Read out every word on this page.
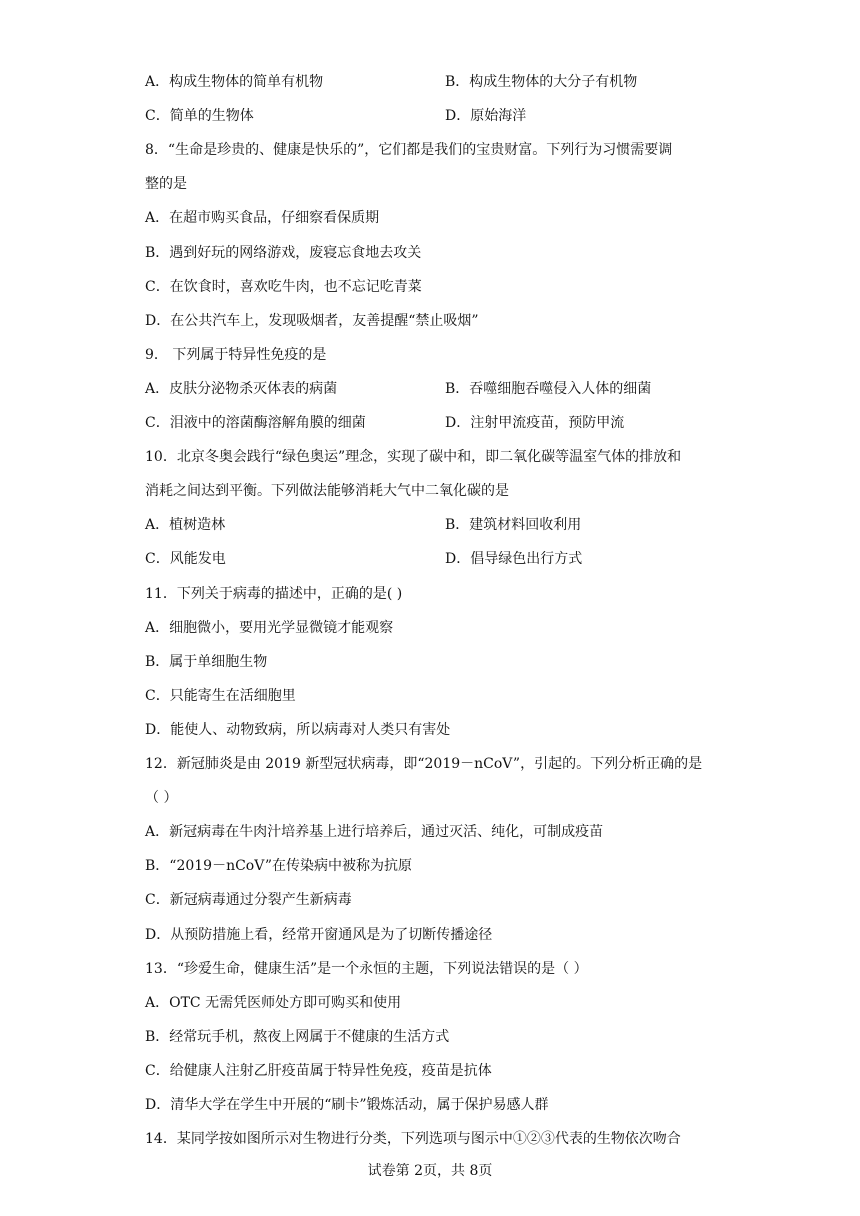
A．构成生物体的简单有机物	B．构成生物体的大分子有机物
C．简单的生物体	D．原始海洋
8．“生命是珍贵的、健康是快乐的”，它们都是我们的宝贵财富。下列行为习惯需要调
整的是
A．在超市购买食品，仔细察看保质期
B．遇到好玩的网络游戏，废寝忘食地去攻关
C．在饮食时，喜欢吃牛肉，也不忘记吃青菜
D．在公共汽车上，发现吸烟者，友善提醒“禁止吸烟”
9． 下列属于特异性免疫的是
A．皮肤分泌物杀灭体表的病菌	B．吞噬细胞吞噬侵入人体的细菌
C．泪液中的溶菌酶溶解角膜的细菌	D．注射甲流疫苗，预防甲流
10．北京冬奥会践行“绿色奥运”理念，实现了碳中和，即二氧化碳等温室气体的排放和
消耗之间达到平衡。下列做法能够消耗大气中二氧化碳的是
A．植树造林	B．建筑材料回收利用
C．风能发电	D．倡导绿色出行方式
11．下列关于病毒的描述中，正确的是( )
A．细胞微小，要用光学显微镜才能观察
B．属于单细胞生物
C．只能寄生在活细胞里
D．能使人、动物致病，所以病毒对人类只有害处
12．新冠肺炎是由 2019 新型冠状病毒，即“2019－nCoV”，引起的。下列分析正确的是
（ ）
A．新冠病毒在牛肉汁培养基上进行培养后，通过灭活、纯化，可制成疫苗
B．“2019－nCoV”在传染病中被称为抗原
C．新冠病毒通过分裂产生新病毒
D．从预防措施上看，经常开窗通风是为了切断传播途径
13．“珍爱生命，健康生活”是一个永恒的主题，下列说法错误的是（ ）
A．OTC 无需凭医师处方即可购买和使用
B．经常玩手机，熬夜上网属于不健康的生活方式
C．给健康人注射乙肝疫苗属于特异性免疫，疫苗是抗体
D．清华大学在学生中开展的“刷卡”锻炼活动，属于保护易感人群
14．某同学按如图所示对生物进行分类，下列选项与图示中①②③代表的生物依次吻合
试卷第 2页，共 8页
